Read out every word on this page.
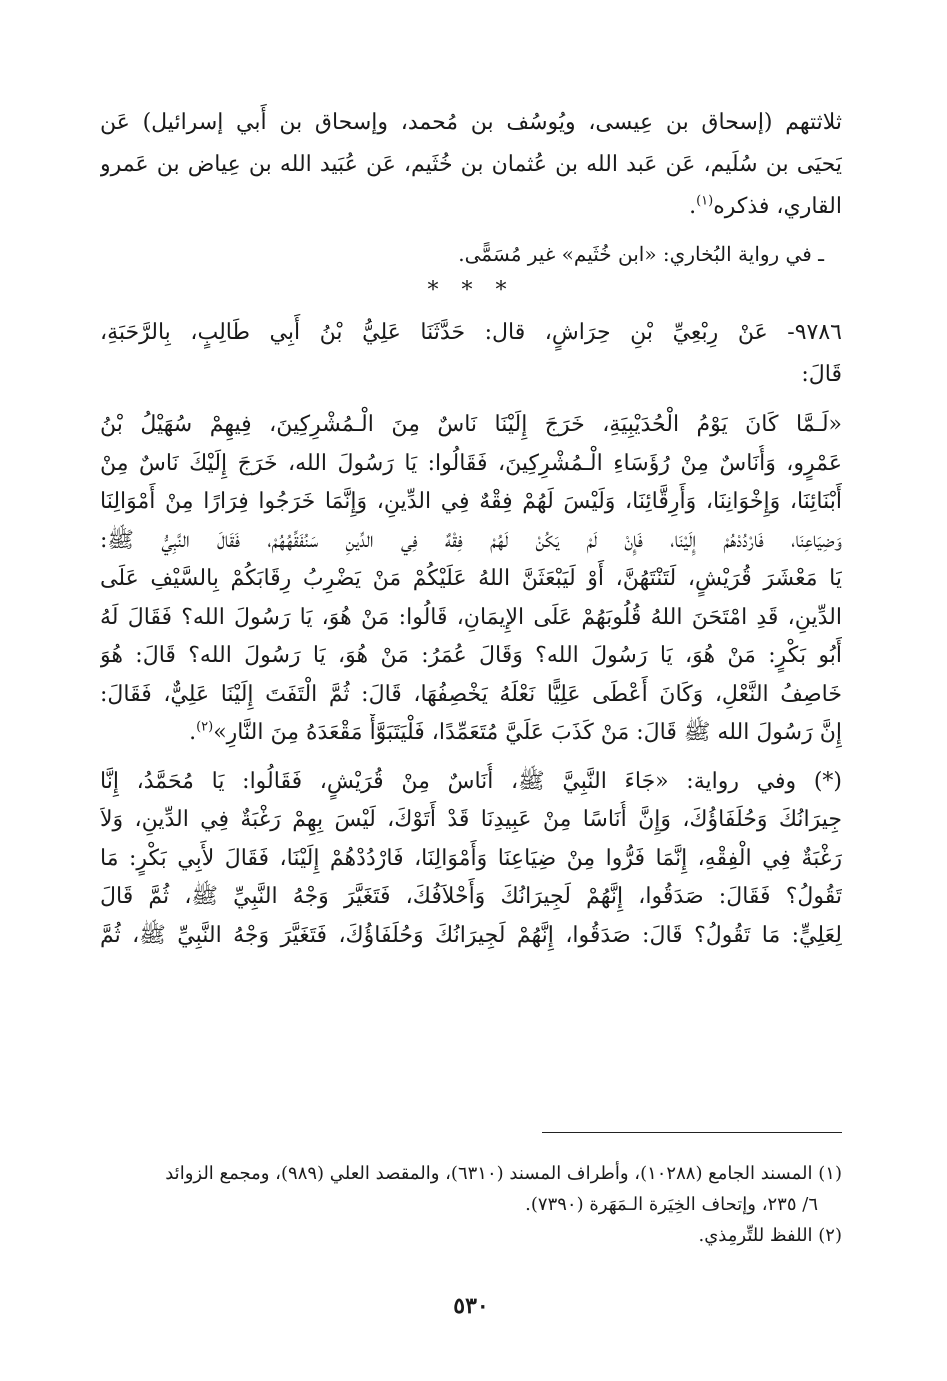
ثلاثتهم (إسحاق بن عِيسى، ويُوسُف بن مُحمد، وإسحاق بن أَبي إسرائيل) عَن
يَحيَى بن سُلَيم، عَن عَبد الله بن عُثمان بن خُثَيم، عَن عُبَيد الله بن عِياض بن عَمرو
القاري، فذكره$^{(١)}$.

ـ في رواية البُخاري: «ابن خُثَيم» غير مُسَمًّى.

* * *
٩٧٨٦- عَنْ رِبْعِيِّ بْنِ حِرَاشٍ، قال: حَدَّثَنَا عَلِيُّ بْنُ أَبِي طَالِبٍ، بِالرَّحَبَةِ،
قَالَ:
«لَـمَّا كَانَ يَوْمُ الْحُدَيْبِيَةِ، خَرَجَ إِلَيْنَا نَاسٌ مِنَ الْـمُشْرِكِينَ، فِيهِمْ سُهَيْلُ بْنُ
عَمْرٍو، وَأُنَاسٌ مِنْ رُؤَسَاءِ الْـمُشْرِكِينَ، فَقَالُوا: يَا رَسُولَ الله، خَرَجَ إِلَيْكَ نَاسٌ مِنْ
أَبْنَائِنَا، وَإِخْوَانِنَا، وَأَرِقَّائِنَا، وَلَيْسَ لَهُمْ فِقْهٌ فِي الدِّينِ، وَإِنَّمَا خَرَجُوا فِرَارًا مِنْ أَمْوَالِنَا
وَضِيَاعِنَا، فَارْدُدْهُمْ إِلَيْنَا، فَإِنْ لَمْ يَكُنْ لَهُمْ فِقْهٌ فِي الدِّينِ سَنُفَقِّهُهُمْ، فَقَالَ النَّبِيُّ ﷺ:
يَا مَعْشَرَ قُرَيْشٍ، لَتَنْتَهُنَّ، أَوْ لَيَبْعَثَنَّ اللهُ عَلَيْكُمْ مَنْ يَضْرِبُ رِقَابَكُمْ بِالسَّيْفِ عَلَى
الدِّينِ، قَدِ امْتَحَنَ اللهُ قُلُوبَهُمْ عَلَى الإِيمَانِ، قَالُوا: مَنْ هُوَ، يَا رَسُولَ الله؟ فَقَالَ لَهُ
أَبُو بَكْرٍ: مَنْ هُوَ، يَا رَسُولَ الله؟ وَقَالَ عُمَرُ: مَنْ هُوَ، يَا رَسُولَ الله؟ قَالَ: هُوَ
خَاصِفُ النَّعْلِ، وَكَانَ أَعْطَى عَلِيًّا نَعْلَهُ يَخْصِفُهَا، قَالَ: ثُمَّ الْتَفَتَ إِلَيْنَا عَلِيٌّ، فَقَالَ:
إِنَّ رَسُولَ الله ﷺ قَالَ: مَنْ كَذَبَ عَلَيَّ مُتَعَمِّدًا، فَلْيَتَبَوَّأْ مَقْعَدَهُ مِنَ النَّارِ»$^{(٢)}$.
(*) وفي رواية: «جَاءَ النَّبِيَّ ﷺ، أُنَاسٌ مِنْ قُرَيْشٍ، فَقَالُوا: يَا مُحَمَّدُ، إِنَّا
جِيرَانُكَ وَحُلَفَاؤُكَ، وَإِنَّ أُنَاسًا مِنْ عَبِيدِنَا قَدْ أَتَوْكَ، لَيْسَ بِهِمْ رَغْبَةٌ فِي الدِّينِ، وَلاَ
رَغْبَةٌ فِي الْفِقْهِ، إِنَّمَا فَرُّوا مِنْ ضِيَاعِنَا وَأَمْوَالِنَا، فَارْدُدْهُمْ إِلَيْنَا، فَقَالَ لأَبِي بَكْرٍ: مَا
تَقُولُ؟ فَقَالَ: صَدَقُوا، إِنَّهُمْ لَجِيرَانُكَ وَأَحْلاَفُكَ، فَتَغَيَّرَ وَجْهُ النَّبِيِّ ﷺ، ثُمَّ قَالَ
لِعَلِيٍّ: مَا تَقُولُ؟ قَالَ: صَدَقُوا، إِنَّهُمْ لَجِيرَانُكَ وَحُلَفَاؤُكَ، فَتَغَيَّرَ وَجْهُ النَّبِيِّ ﷺ، ثُمَّ
(١) المسند الجامع (١٠٢٨٨)، وأطراف المسند (٦٣١٠)، والمقصد العلي (٩٨٩)، ومجمع الزوائد
٦/ ٢٣٥، وإتحاف الخِيَرة الـمَهَرة (٧٣٩٠).
(٢) اللفظ للتِّرمِذي.
٥٣٠
